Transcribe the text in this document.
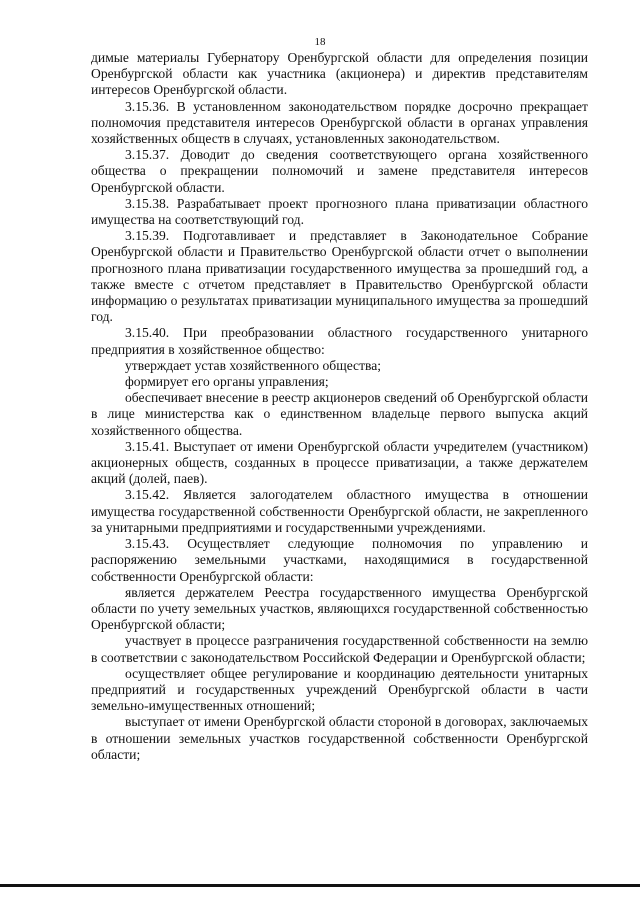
18

димые материалы Губернатору Оренбургской области для определения позиции Оренбургской области как участника (акционера) и директив представителям интересов Оренбургской области.

3.15.36. В установленном законодательством порядке досрочно прекращает полномочия представителя интересов Оренбургской области в органах управления хозяйственных обществ в случаях, установленных законодательством.

3.15.37. Доводит до сведения соответствующего органа хозяйственного общества о прекращении полномочий и замене представителя интересов Оренбургской области.

3.15.38. Разрабатывает проект прогнозного плана приватизации областного имущества на соответствующий год.

3.15.39. Подготавливает и представляет в Законодательное Собрание Оренбургской области и Правительство Оренбургской области отчет о выполнении прогнозного плана приватизации государственного имущества за прошедший год, а также вместе с отчетом представляет в Правительство Оренбургской области информацию о результатах приватизации муниципального имущества за прошедший год.

3.15.40. При преобразовании областного государственного унитарного предприятия в хозяйственное общество:

утверждает устав хозяйственного общества;

формирует его органы управления;

обеспечивает внесение в реестр акционеров сведений об Оренбургской области в лице министерства как о единственном владельце первого выпуска акций хозяйственного общества.

3.15.41. Выступает от имени Оренбургской области учредителем (участником) акционерных обществ, созданных в процессе приватизации, а также держателем акций (долей, паев).

3.15.42. Является залогодателем областного имущества в отношении имущества государственной собственности Оренбургской области, не закрепленного за унитарными предприятиями и государственными учреждениями.

3.15.43. Осуществляет следующие полномочия по управлению и распоряжению земельными участками, находящимися в государственной собственности Оренбургской области:

является держателем Реестра государственного имущества Оренбургской области по учету земельных участков, являющихся государственной собственностью Оренбургской области;

участвует в процессе разграничения государственной собственности на землю в соответствии с законодательством Российской Федерации и Оренбургской области;

осуществляет общее регулирование и координацию деятельности унитарных предприятий и государственных учреждений Оренбургской области в части земельно-имущественных отношений;

выступает от имени Оренбургской области стороной в договорах, заключаемых в отношении земельных участков государственной собственности Оренбургской области;
